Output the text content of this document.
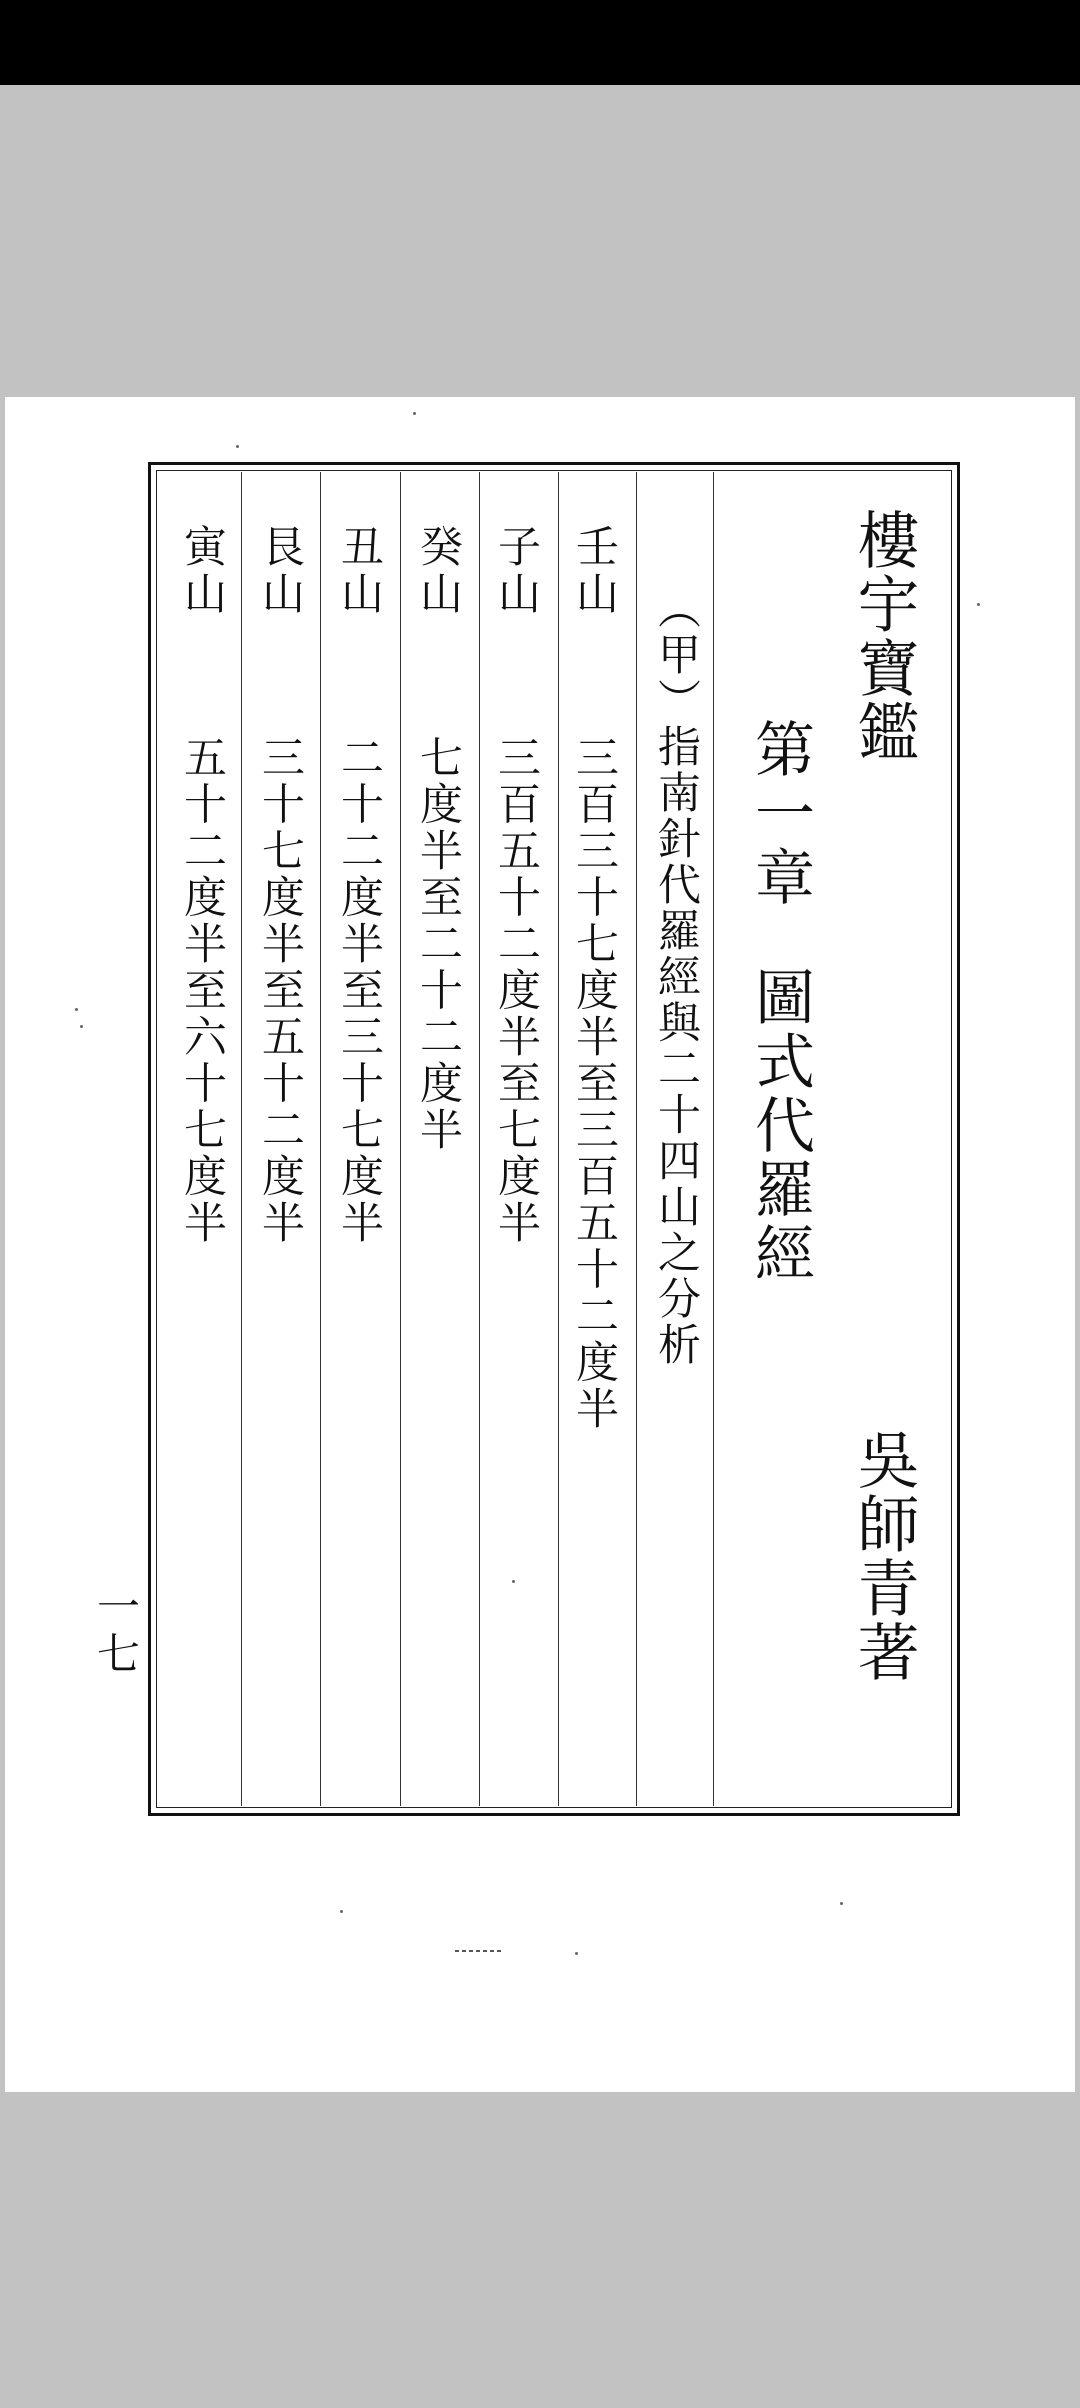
樓宇寶鑑
吳師青著
第一章圖式代羅經
（甲）指南針代羅經與二十四山之分析
壬山
三百三十七度半至三百五十二度半
子山
三百五十二度半至七度半
癸山
七度半至二十二度半
丑山
二十二度半至三十七度半
艮山
三十七度半至五十二度半
寅山
五十二度半至六十七度半
一七
